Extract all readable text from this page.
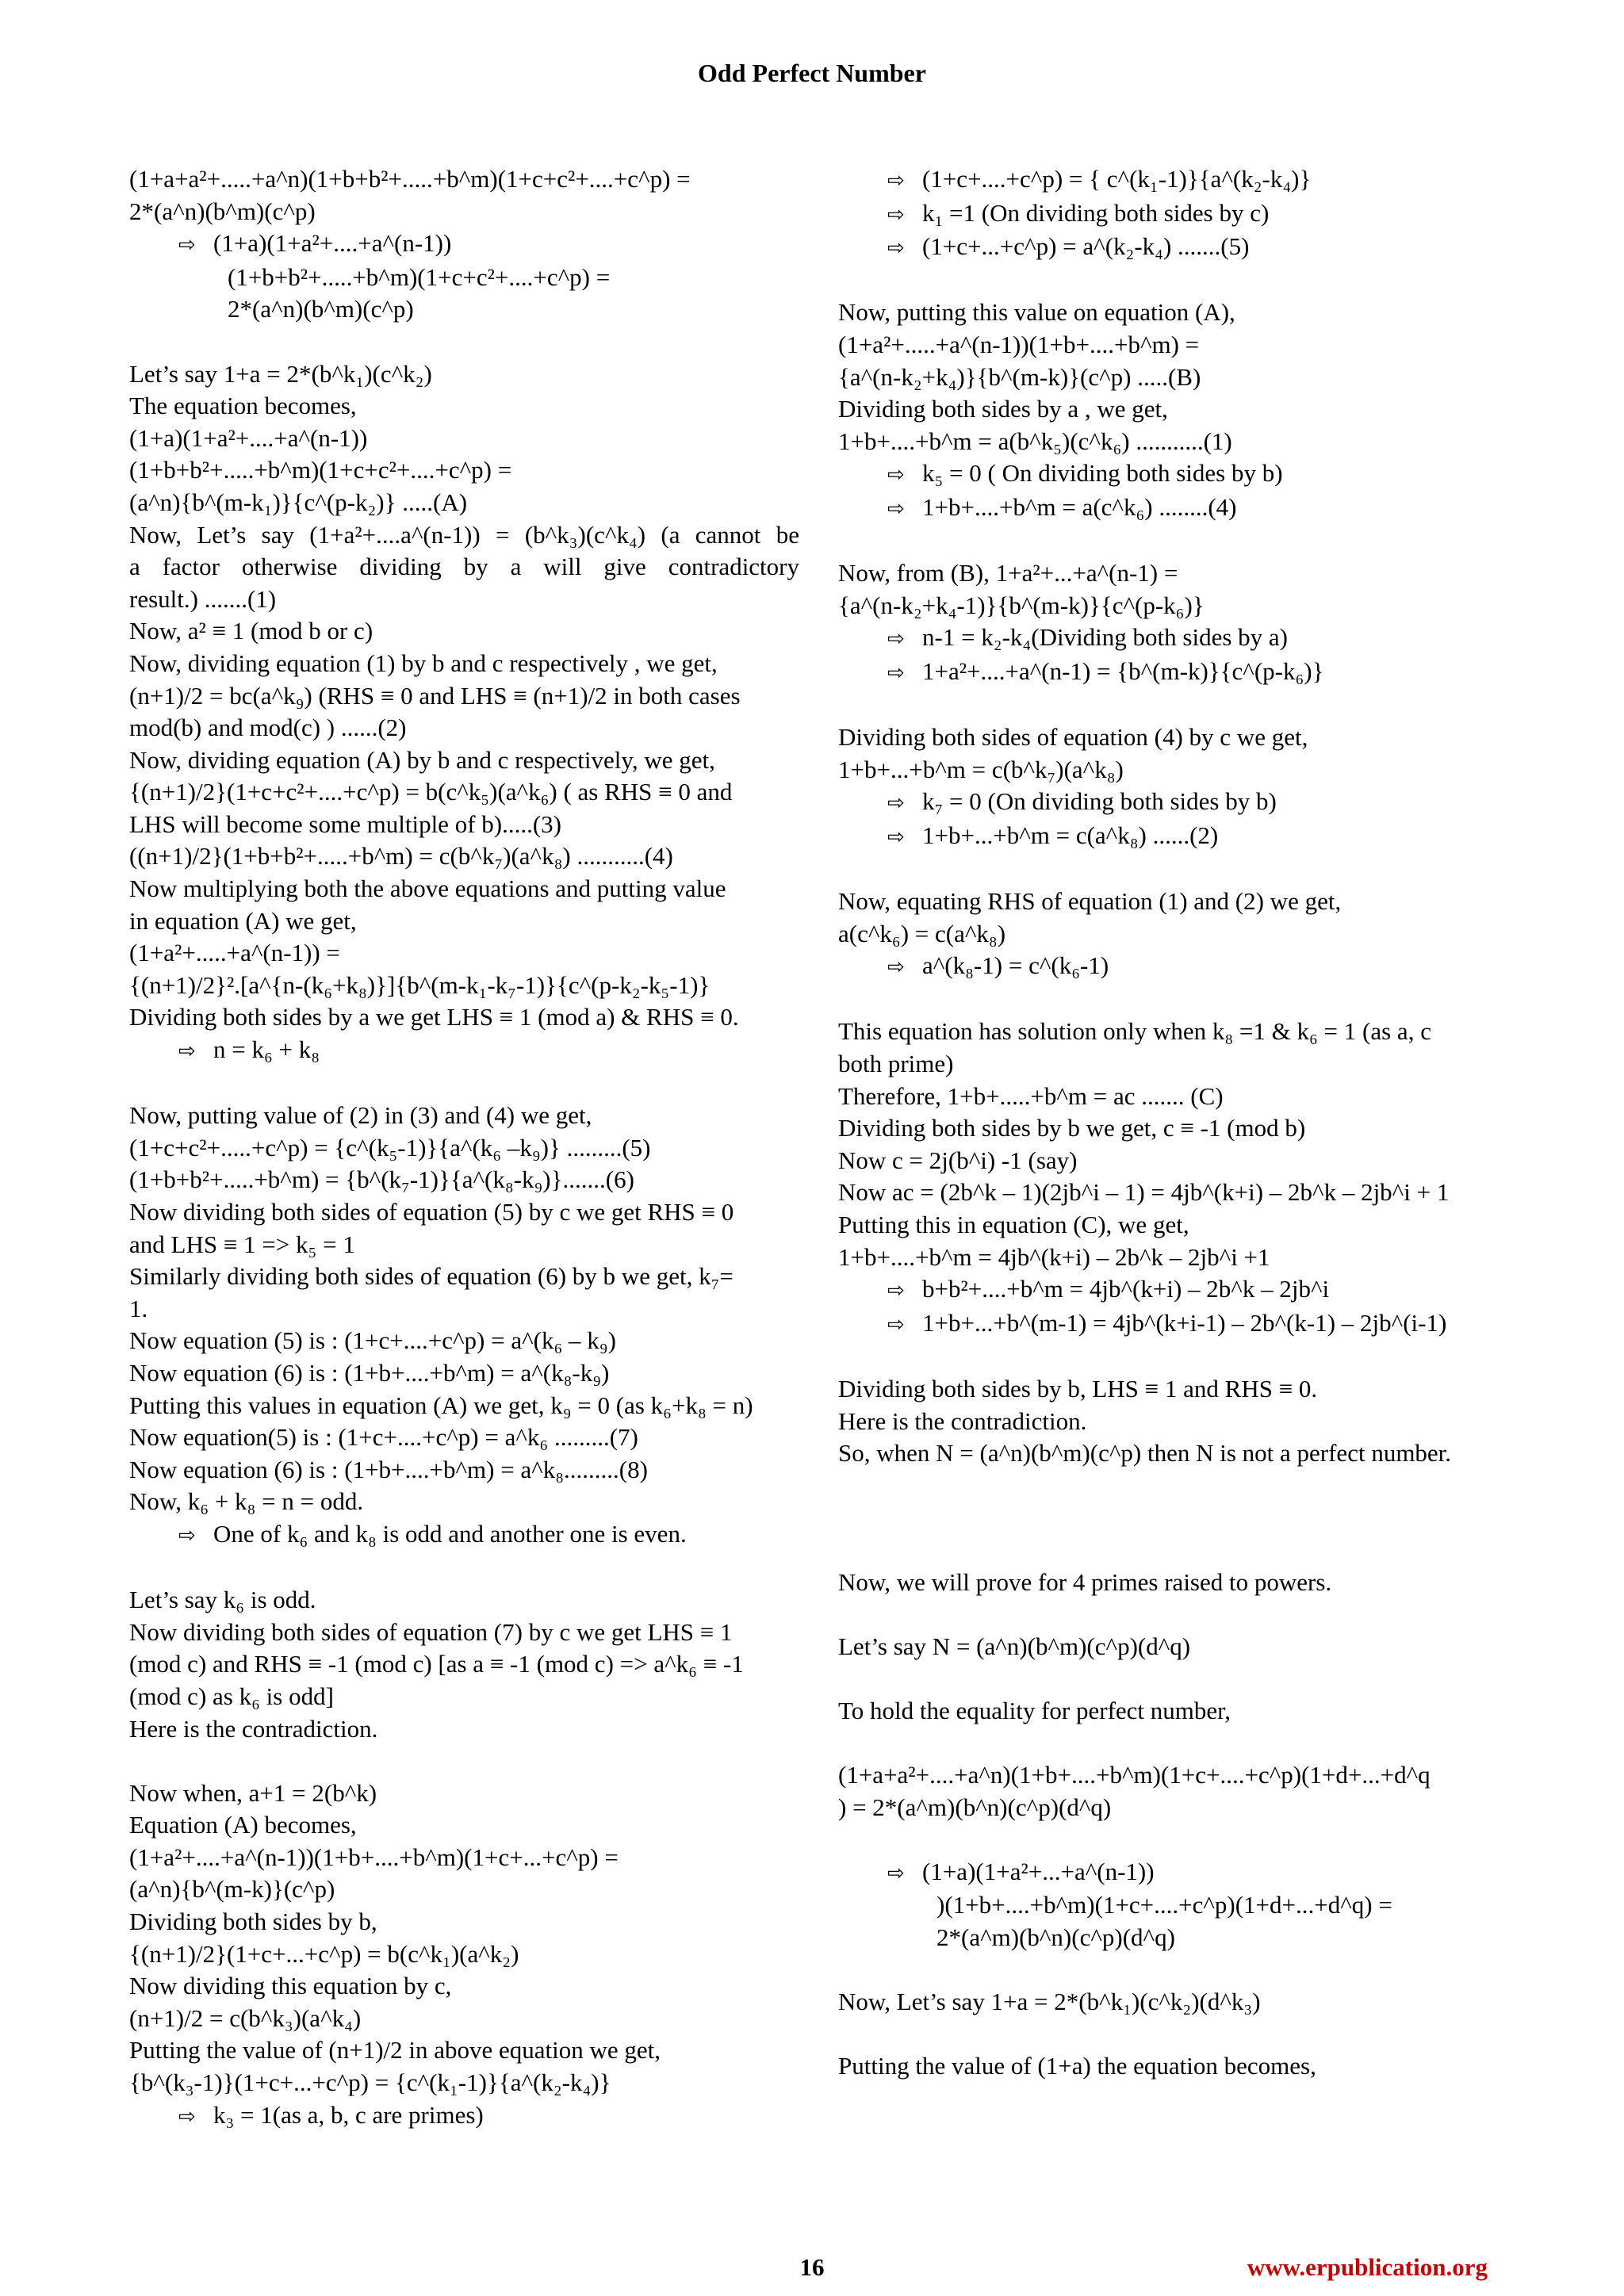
Odd Perfect Number
(1+a+a²+.....+a^n)(1+b+b²+.....+b^m)(1+c+c²+....+c^p) =
2*(a^n)(b^m)(c^p)
⇨ (1+a)(1+a²+....+a^(n-1))
(1+b+b²+.....+b^m)(1+c+c²+....+c^p) =
2*(a^n)(b^m)(c^p)
Let’s say 1+a = 2*(b^k₁)(c^k₂)
The equation becomes,
(1+a)(1+a²+....+a^(n-1))
(1+b+b²+.....+b^m)(1+c+c²+....+c^p) =
(a^n){b^(m-k₁)}{c^(p-k₂)} .....(A)
Now, Let’s say (1+a²+....a^(n-1)) = (b^k₃)(c^k₄) (a cannot be
a factor otherwise dividing by a will give contradictory
result.) .......(1)
Now, a² ≡ 1 (mod b or c)
Now, dividing equation (1) by b and c respectively , we get,
(n+1)/2 = bc(a^k₉) (RHS ≡ 0 and LHS ≡ (n+1)/2 in both cases
mod(b) and mod(c) ) ......(2)
Now, dividing equation (A) by b and c respectively, we get,
{(n+1)/2}(1+c+c²+....+c^p) = b(c^k₅)(a^k₆) ( as RHS ≡ 0 and
LHS will become some multiple of b).....(3)
((n+1)/2}(1+b+b²+.....+b^m) = c(b^k₇)(a^k₈) ...........(4)
Now multiplying both the above equations and putting value
in equation (A) we get,
(1+a²+.....+a^(n-1)) =
{(n+1)/2}².[a^{n-(k₆+k₈)}]{b^(m-k₁-k₇-1)}{c^(p-k₂-k₅-1)}
Dividing both sides by a we get LHS ≡ 1 (mod a) & RHS ≡ 0.
⇨ n = k₆ + k₈
Now, putting value of (2) in (3) and (4) we get,
(1+c+c²+.....+c^p) = {c^(k₅-1)}{a^(k₆ –k₉)} .........(5)
(1+b+b²+.....+b^m) = {b^(k₇-1)}{a^(k₈-k₉)}.......(6)
Now dividing both sides of equation (5) by c we get RHS ≡ 0
and LHS ≡ 1 => k₅ = 1
Similarly dividing both sides of equation (6) by b we get, k₇=
1.
Now equation (5) is : (1+c+....+c^p) = a^(k₆ – k₉)
Now equation (6) is : (1+b+....+b^m) = a^(k₈-k₉)
Putting this values in equation (A) we get, k₉ = 0 (as k₆+k₈ = n)
Now equation(5) is : (1+c+....+c^p) = a^k₆ .........(7)
Now equation (6) is : (1+b+....+b^m) = a^k₈.........(8)
Now, k₆ + k₈ = n = odd.
⇨ One of k₆ and k₈ is odd and another one is even.
Let’s say k₆ is odd.
Now dividing both sides of equation (7) by c we get LHS ≡ 1
(mod c) and RHS ≡ -1 (mod c) [as a ≡ -1 (mod c) => a^k₆ ≡ -1
(mod c) as k₆ is odd]
Here is the contradiction.
Now when, a+1 = 2(b^k)
Equation (A) becomes,
(1+a²+....+a^(n-1))(1+b+....+b^m)(1+c+...+c^p) =
(a^n){b^(m-k)}(c^p)
Dividing both sides by b,
{(n+1)/2}(1+c+...+c^p) = b(c^k₁)(a^k₂)
Now dividing this equation by c,
(n+1)/2 = c(b^k₃)(a^k₄)
Putting the value of (n+1)/2 in above equation we get,
{b^(k₃-1)}(1+c+...+c^p) = {c^(k₁-1)}{a^(k₂-k₄)}
⇨ k₃ = 1(as a, b, c are primes)
⇨ (1+c+....+c^p) = { c^(k₁-1)}{a^(k₂-k₄)}
⇨ k₁ =1 (On dividing both sides by c)
⇨ (1+c+...+c^p) = a^(k₂-k₄) .......(5)
Now, putting this value on equation (A),
(1+a²+.....+a^(n-1))(1+b+....+b^m) =
{a^(n-k₂+k₄)}{b^(m-k)}(c^p) .....(B)
Dividing both sides by a , we get,
1+b+....+b^m = a(b^k₅)(c^k₆) ...........(1)
⇨ k₅ = 0 ( On dividing both sides by b)
⇨ 1+b+....+b^m = a(c^k₆) ........(4)
Now, from (B), 1+a²+...+a^(n-1) =
{a^(n-k₂+k₄-1)}{b^(m-k)}{c^(p-k₆)}
⇨ n-1 = k₂-k₄(Dividing both sides by a)
⇨ 1+a²+....+a^(n-1) = {b^(m-k)}{c^(p-k₆)}
Dividing both sides of equation (4) by c we get,
1+b+...+b^m = c(b^k₇)(a^k₈)
⇨ k₇ = 0 (On dividing both sides by b)
⇨ 1+b+...+b^m = c(a^k₈) ......(2)
Now, equating RHS of equation (1) and (2) we get,
a(c^k₆) = c(a^k₈)
⇨ a^(k₈-1) = c^(k₆-1)
This equation has solution only when k₈ =1 & k₆ = 1 (as a, c
both prime)
Therefore, 1+b+.....+b^m = ac ....... (C)
Dividing both sides by b we get, c ≡ -1 (mod b)
Now c = 2j(b^i) -1 (say)
Now ac = (2b^k – 1)(2jb^i – 1) = 4jb^(k+i) – 2b^k – 2jb^i + 1
Putting this in equation (C), we get,
1+b+....+b^m = 4jb^(k+i) – 2b^k – 2jb^i +1
⇨ b+b²+....+b^m = 4jb^(k+i) – 2b^k – 2jb^i
⇨ 1+b+...+b^(m-1) = 4jb^(k+i-1) – 2b^(k-1) – 2jb^(i-1)
Dividing both sides by b, LHS ≡ 1 and RHS ≡ 0.
Here is the contradiction.
So, when N = (a^n)(b^m)(c^p) then N is not a perfect number.
Now, we will prove for 4 primes raised to powers.
Let’s say N = (a^n)(b^m)(c^p)(d^q)
To hold the equality for perfect number,
(1+a+a²+....+a^n)(1+b+....+b^m)(1+c+....+c^p)(1+d+...+d^q
) = 2*(a^m)(b^n)(c^p)(d^q)
⇨ (1+a)(1+a²+...+a^(n-1))
)(1+b+....+b^m)(1+c+....+c^p)(1+d+...+d^q) =
2*(a^m)(b^n)(c^p)(d^q)
Now, Let’s say 1+a = 2*(b^k₁)(c^k₂)(d^k₃)
Putting the value of (1+a) the equation becomes,
16	www.erpublication.org
